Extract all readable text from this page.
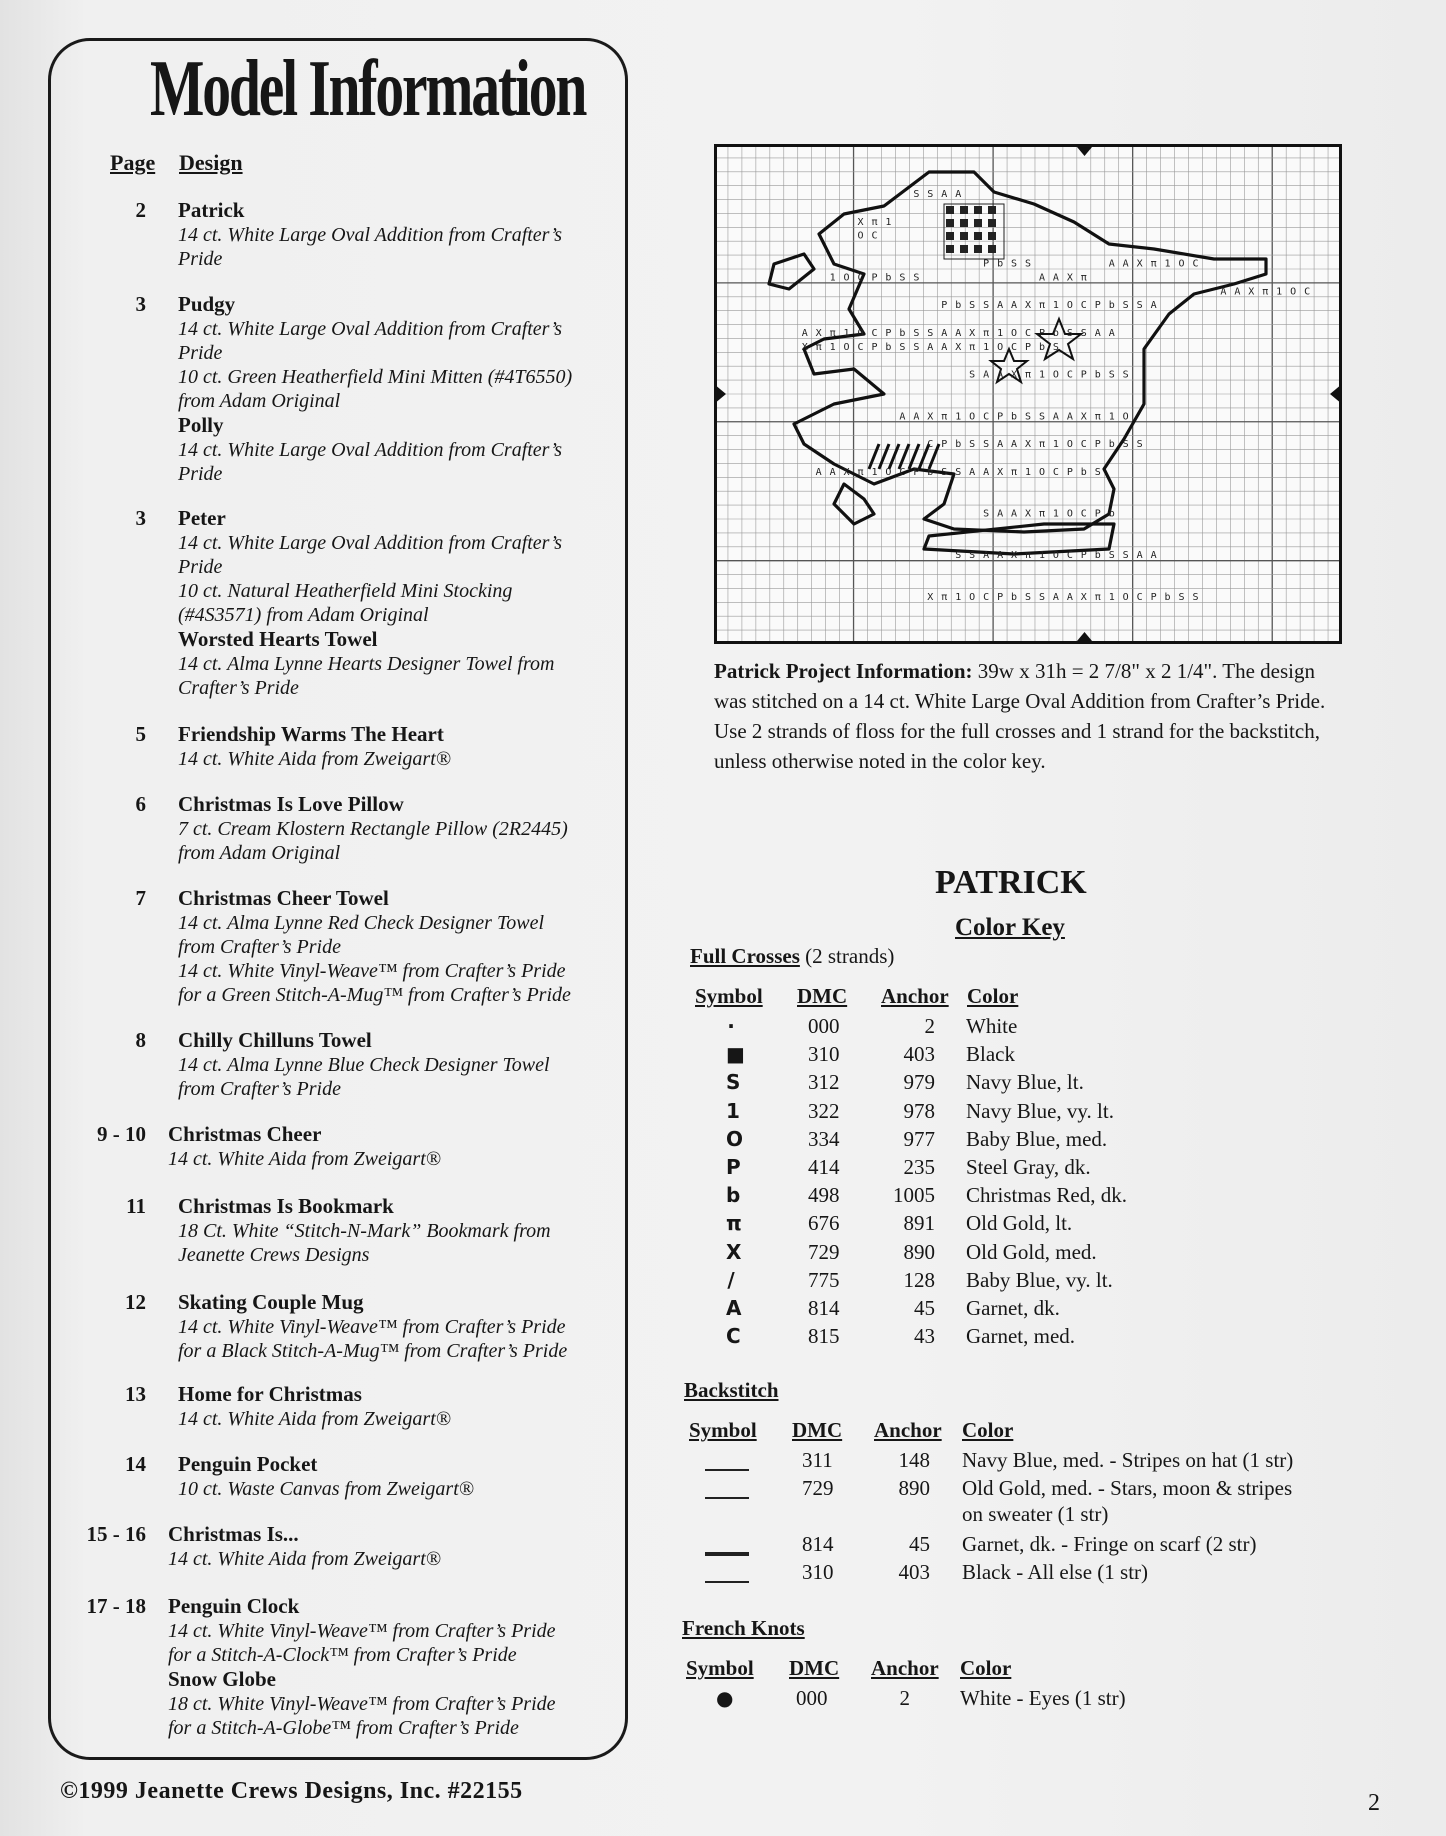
Model Information
Page Design
2 Patrick
14 ct. White Large Oval Addition from Crafter’s
Pride
3 Pudgy
14 ct. White Large Oval Addition from Crafter’s
Pride
10 ct. Green Heatherfield Mini Mitten (#4T6550)
from Adam Original
Polly
14 ct. White Large Oval Addition from Crafter’s
Pride
3 Peter
14 ct. White Large Oval Addition from Crafter’s
Pride
10 ct. Natural Heatherfield Mini Stocking
(#4S3571) from Adam Original
Worsted Hearts Towel
14 ct. Alma Lynne Hearts Designer Towel from
Crafter’s Pride
5 Friendship Warms The Heart
14 ct. White Aida from Zweigart®
6 Christmas Is Love Pillow
7 ct. Cream Klostern Rectangle Pillow (2R2445)
from Adam Original
7 Christmas Cheer Towel
14 ct. Alma Lynne Red Check Designer Towel
from Crafter’s Pride
14 ct. White Vinyl-Weave™ from Crafter’s Pride
for a Green Stitch-A-Mug™ from Crafter’s Pride
8 Chilly Chilluns Towel
14 ct. Alma Lynne Blue Check Designer Towel
from Crafter’s Pride
9 - 10 Christmas Cheer
14 ct. White Aida from Zweigart®
11 Christmas Is Bookmark
18 Ct. White “Stitch-N-Mark” Bookmark from
Jeanette Crews Designs
12 Skating Couple Mug
14 ct. White Vinyl-Weave™ from Crafter’s Pride
for a Black Stitch-A-Mug™ from Crafter’s Pride
13 Home for Christmas
14 ct. White Aida from Zweigart®
14 Penguin Pocket
10 ct. Waste Canvas from Zweigart®
15 - 16 Christmas Is...
14 ct. White Aida from Zweigart®
17 - 18 Penguin Clock
14 ct. White Vinyl-Weave™ from Crafter’s Pride
for a Stitch-A-Clock™ from Crafter’s Pride
Snow Globe
18 ct. White Vinyl-Weave™ from Crafter’s Pride
for a Stitch-A-Globe™ from Crafter’s Pride
S S A A
X π 1
O C
P b S S
A A X π
1 O C P b S S
A A X π 1 O C
P b S S A A X π 1 O C P b S S A
A X π 1 O C P b S S A A X π 1 O C P b S S A A
X π 1 O C P b S S A A X π 1 O C P b S
S A A X π 1 O C P b S S
A A X π 1 O C P b S S A A X π 1 O
C P b S S A A X π 1 O C P b S S
A A X π 1 O C P b S S A A X π 1 O C P b S
S A A X π 1 O C P b
S S A A X π 1 O C P b S S A A
X π 1 O C P b S S A A X π 1 O C P b S S
A A X π 1 O C
Patrick Project Information: 39w x 31h = 2 7/8" x 2 1/4". The design was stitched on a 14 ct. White Large Oval Addition from Crafter’s Pride. Use 2 strands of floss for the full crosses and 1 strand for the backstitch, unless otherwise noted in the color key.
PATRICK
Color Key
Full Crosses (2 strands)
Symbol DMC Anchor Color
·	000	2 White
■	310	403 Black
S	312	979 Navy Blue, lt.
1	322	978 Navy Blue, vy. lt.
O	334	977 Baby Blue, med.
P	414	235 Steel Gray, dk.
b	498	1005 Christmas Red, dk.
π	676	891 Old Gold, lt.
X	729	890 Old Gold, med.
/	775	128 Baby Blue, vy. lt.
A	814	45 Garnet, dk.
C	815	43 Garnet, med.
Backstitch
Symbol DMC Anchor Color
311	148 Navy Blue, med. - Stripes on hat (1 str)
729	890 Old Gold, med. - Stars, moon & stripes
on sweater (1 str)
814	45 Garnet, dk. - Fringe on scarf (2 str)
310	403 Black - All else (1 str)
French Knots
Symbol DMC Anchor Color
●	000	2 White - Eyes (1 str)
©1999 Jeanette Crews Designs, Inc. #22155	2
